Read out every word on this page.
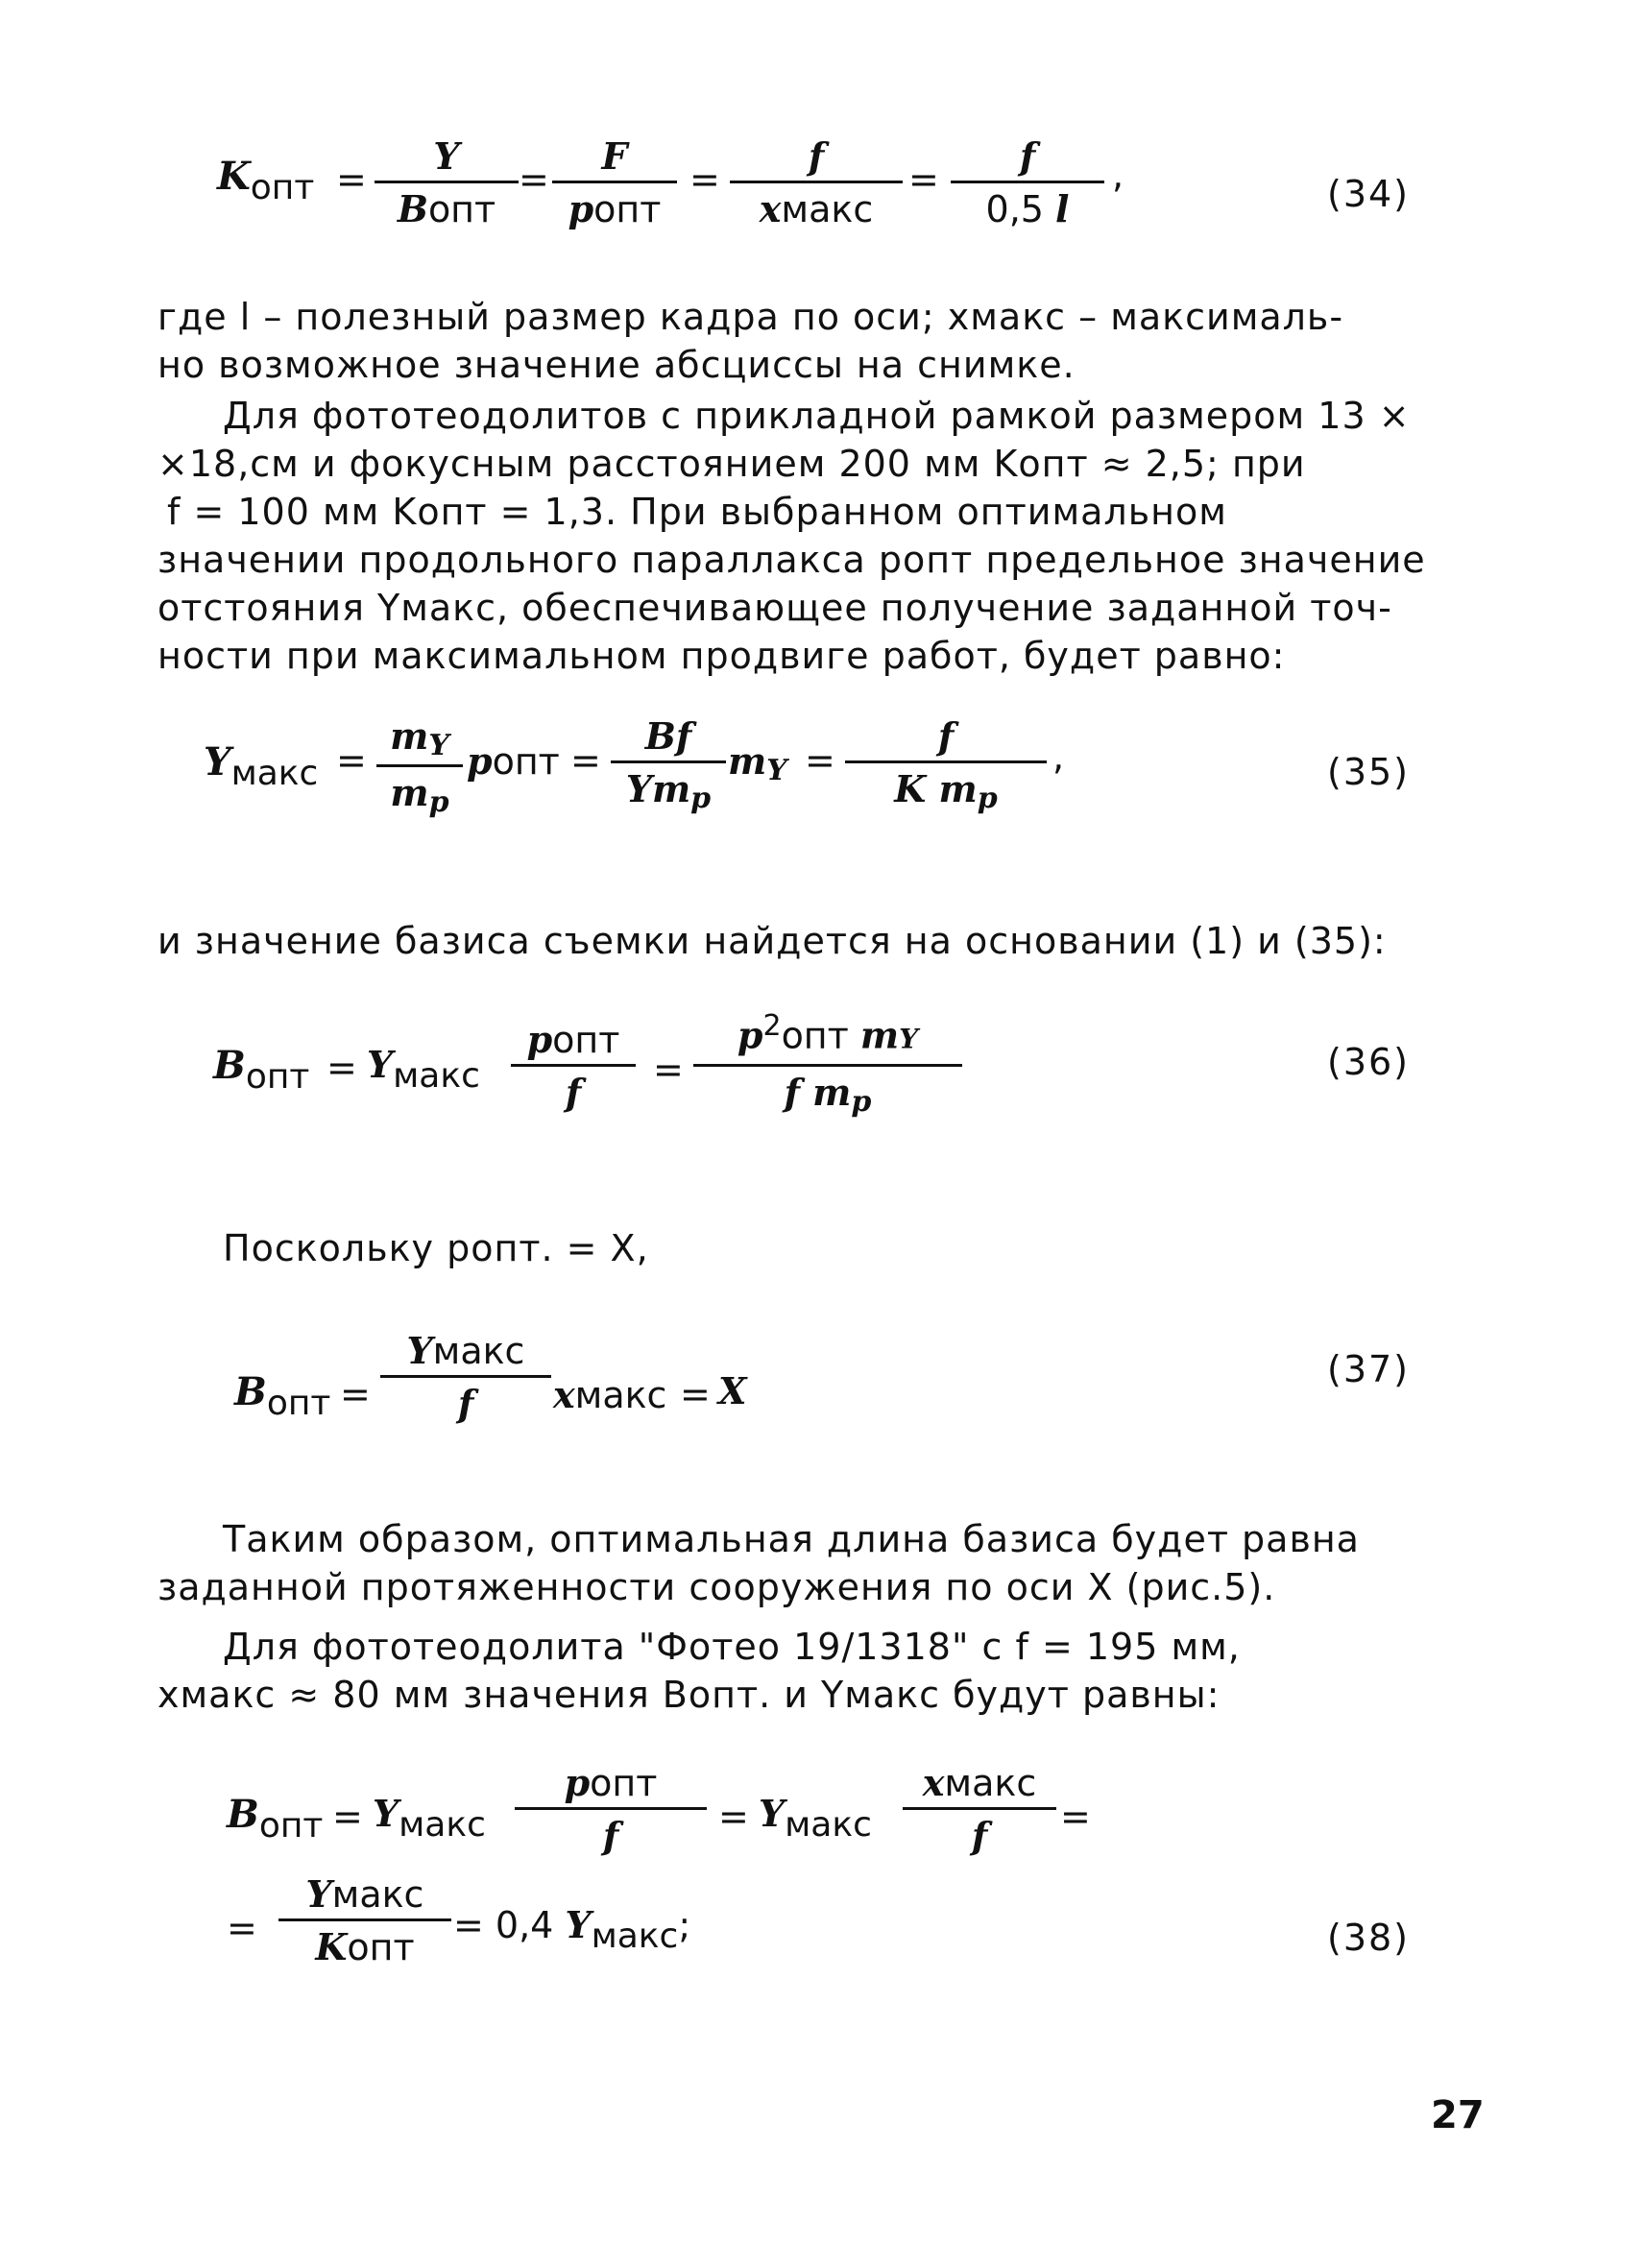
Kопт =
Y
Bопт
=
F
pопт
=
f
xмакс
=
f
0,5 l
,	(34)
где l – полезный размер кадра по оси; xмакс – максималь-
но возможное значение абсциссы на снимке.
Для фототеодолитов с прикладной рамкой размером 13 ×
×18,см и фокусным расстоянием 200 мм Kопт ≈ 2,5; при
f = 100 мм Kопт = 1,3. При выбранном оптимальном
значении продольного параллакса pопт предельное значение
отстояния Yмакс, обеспечивающее получение заданной точ-
ности при максимальном продвиге работ, будет равно:
Yмакс =
mY
mp
pопт =
Bf
Ymp
mY =
f
K mp
,	(35)
и значение базиса съемки найдется на основании (1) и (35):
Bопт = Yмакс
pопт
f
=
$p^2опт$ mY
f mp
(36)
Поскольку pопт. = X,
Bопт =
Yмакс
f	xмакс = X	(37)
Таким образом, оптимальная длина базиса будет равна
заданной протяженности сооружения по оси X (рис.5).
Для фототеодолита "Фотео 19/1318" с f = 195 мм,
xмакс ≈ 80 мм значения Bопт. и Yмакс будут равны:
Bопт = Yмакс
pопт
f	= Yмакс
xмакс
f	=
=
Yмакс
Kопт
= 0,4 Yмакс;	(38)
27
